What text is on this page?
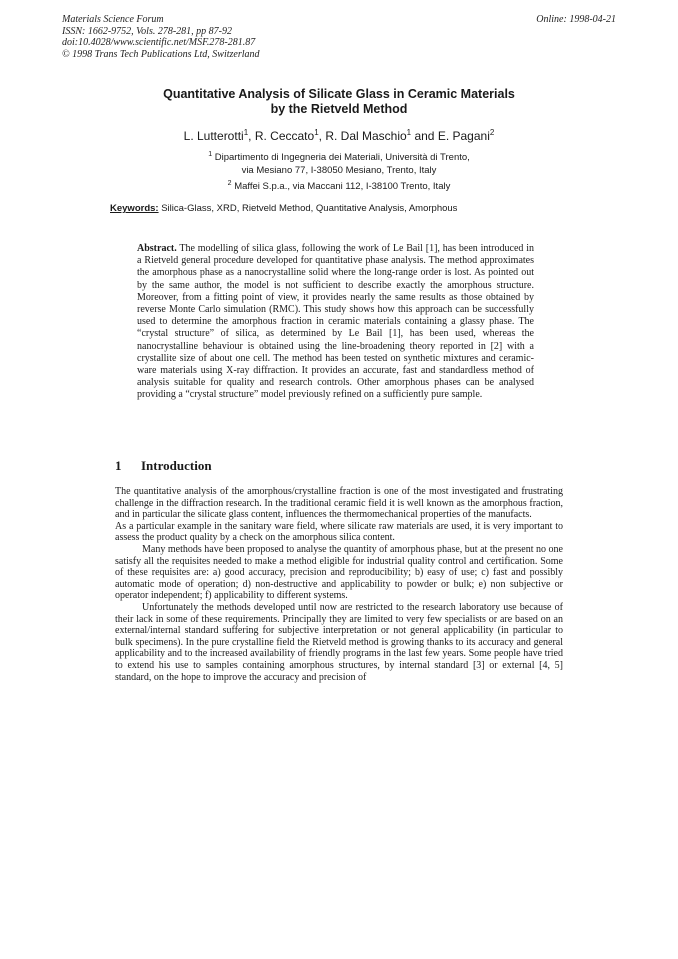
Materials Science Forum
ISSN: 1662-9752, Vols. 278-281, pp 87-92
doi:10.4028/www.scientific.net/MSF.278-281.87
© 1998 Trans Tech Publications Ltd, Switzerland
Online: 1998-04-21
Quantitative Analysis of Silicate Glass in Ceramic Materials
by the Rietveld Method
L. Lutterotti$^1$, R. Ceccato$^1$, R. Dal Maschio$^1$ and E. Pagani$^2$
$^1$ Dipartimento di Ingegneria dei Materiali, Università di Trento,
via Mesiano 77, I-38050 Mesiano, Trento, Italy
$^2$ Maffei S.p.a., via Maccani 112, I-38100 Trento, Italy
Keywords: Silica-Glass, XRD, Rietveld Method, Quantitative Analysis, Amorphous
Abstract. The modelling of silica glass, following the work of Le Bail [1], has been introduced in a Rietveld general procedure developed for quantitative phase analysis. The method approximates the amorphous phase as a nanocrystalline solid where the long-range order is lost. As pointed out by the same author, the model is not sufficient to describe exactly the amorphous structure. Moreover, from a fitting point of view, it provides nearly the same results as those obtained by reverse Monte Carlo simulation (RMC). This study shows how this approach can be successfully used to determine the amorphous fraction in ceramic materials containing a glassy phase. The “crystal structure” of silica, as determined by Le Bail [1], has been used, whereas the nanocrystalline behaviour is obtained using the line-broadening theory reported in [2] with a crystallite size of about one cell. The method has been tested on synthetic mixtures and ceramic-ware materials using X-ray diffraction. It provides an accurate, fast and standardless method of analysis suitable for quality and research controls. Other amorphous phases can be analysed providing a “crystal structure” model previously refined on a sufficiently pure sample.
1 Introduction

The quantitative analysis of the amorphous/crystalline fraction is one of the most investigated and frustrating challenge in the diffraction research. In the traditional ceramic field it is well known as the amorphous fraction, and in particular the silicate glass content, influences the thermomechanical properties of the manufacts.

As a particular example in the sanitary ware field, where silicate raw materials are used, it is very important to assess the product quality by a check on the amorphous silica content.

Many methods have been proposed to analyse the quantity of amorphous phase, but at the present no one satisfy all the requisites needed to make a method eligible for industrial quality control and certification. Some of these requisites are: a) good accuracy, precision and reproducibility; b) easy of use; c) fast and possibly automatic mode of operation; d) non-destructive and applicability to powder or bulk; e) non subjective or operator independent; f) applicability to different systems.

Unfortunately the methods developed until now are restricted to the research laboratory use because of their lack in some of these requirements. Principally they are limited to very few specialists or are based on an external/internal standard suffering for subjective interpretation or not general applicability (in particular to bulk specimens). In the pure crystalline field the Rietveld method is growing thanks to its accuracy and general applicability and to the increased availability of friendly programs in the last few years. Some people have tried to extend his use to samples containing amorphous structures, by internal standard [3] or external [4, 5] standard, on the hope to improve the accuracy and precision of
